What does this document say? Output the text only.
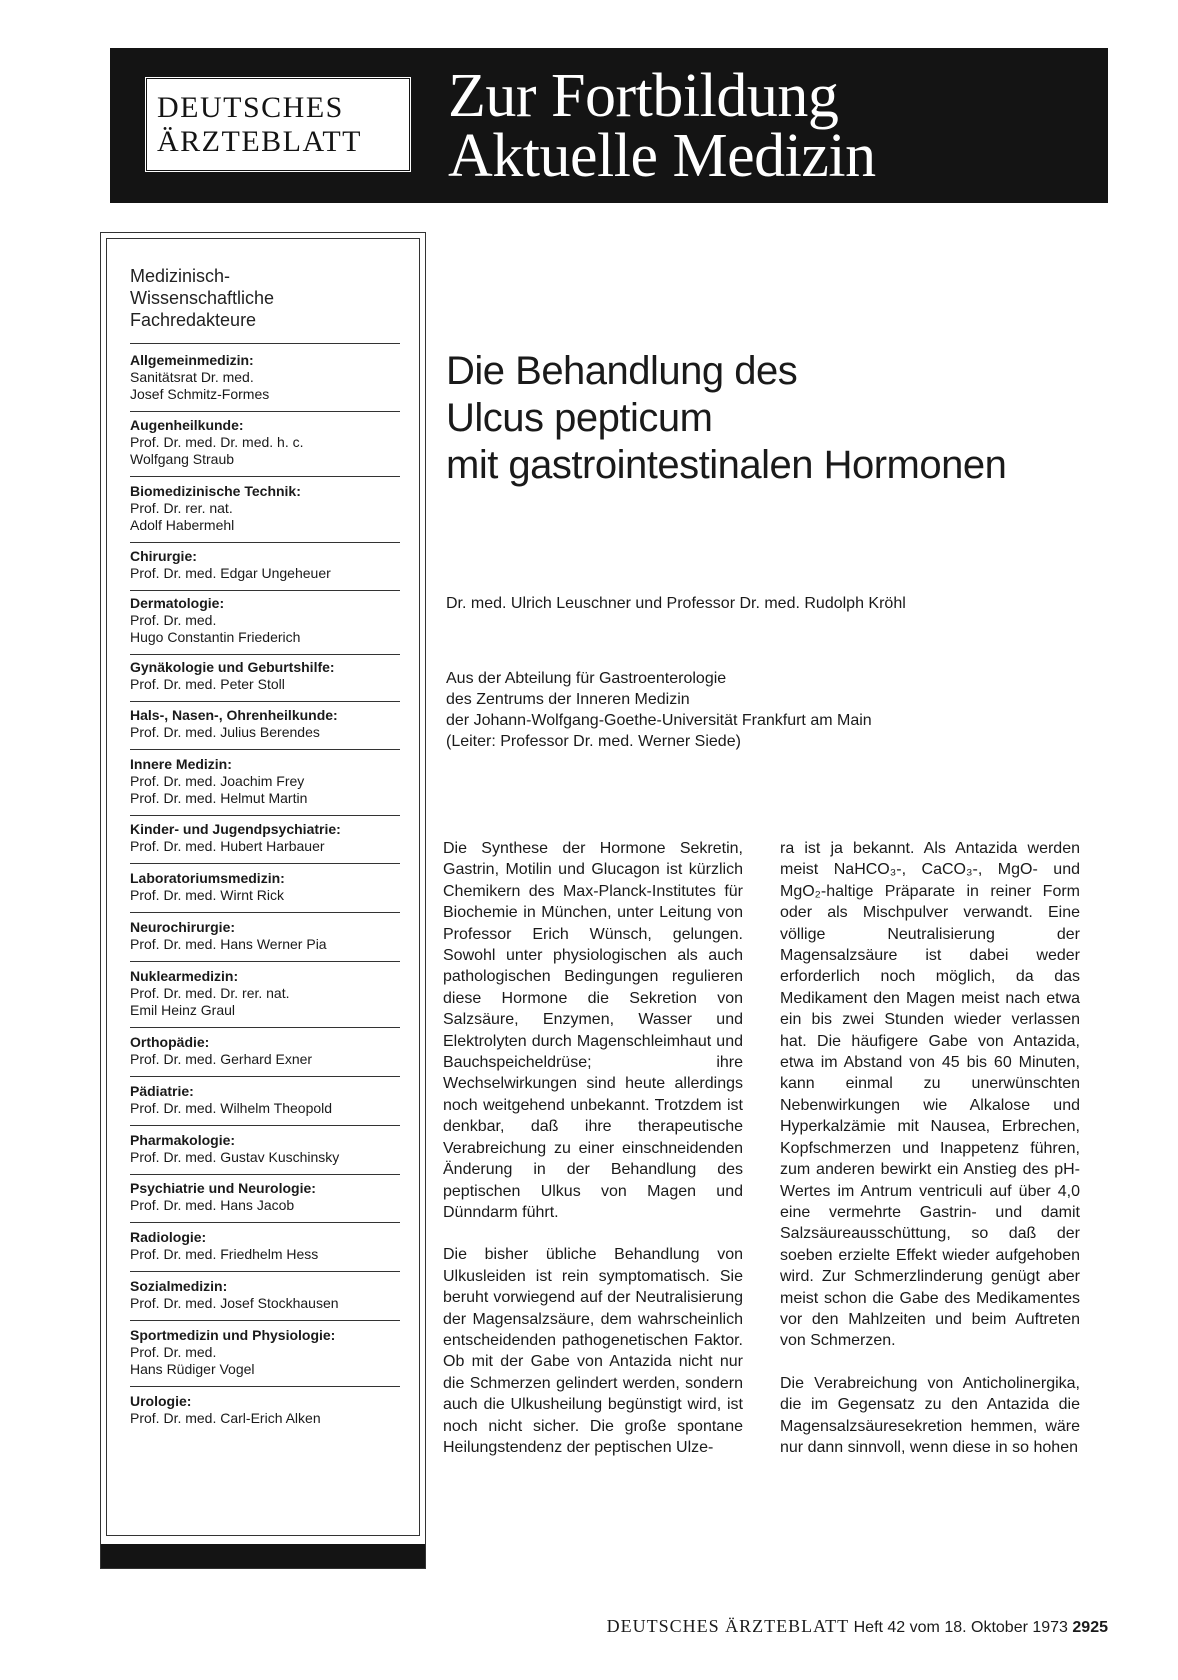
DEUTSCHES
ÄRZTEBLATT
Zur Fortbildung
Aktuelle Medizin
Medizinisch-
Wissenschaftliche
Fachredakteure
Allgemeinmedizin:
Sanitätsrat Dr. med.
Josef Schmitz-Formes
Augenheilkunde:
Prof. Dr. med. Dr. med. h. c.
Wolfgang Straub
Biomedizinische Technik:
Prof. Dr. rer. nat.
Adolf Habermehl
Chirurgie:
Prof. Dr. med. Edgar Ungeheuer
Dermatologie:
Prof. Dr. med.
Hugo Constantin Friederich
Gynäkologie und Geburtshilfe:
Prof. Dr. med. Peter Stoll
Hals-, Nasen-, Ohrenheilkunde:
Prof. Dr. med. Julius Berendes
Innere Medizin:
Prof. Dr. med. Joachim Frey
Prof. Dr. med. Helmut Martin
Kinder- und Jugendpsychiatrie:
Prof. Dr. med. Hubert Harbauer
Laboratoriumsmedizin:
Prof. Dr. med. Wirnt Rick
Neurochirurgie:
Prof. Dr. med. Hans Werner Pia
Nuklearmedizin:
Prof. Dr. med. Dr. rer. nat.
Emil Heinz Graul
Orthopädie:
Prof. Dr. med. Gerhard Exner
Pädiatrie:
Prof. Dr. med. Wilhelm Theopold
Pharmakologie:
Prof. Dr. med. Gustav Kuschinsky
Psychiatrie und Neurologie:
Prof. Dr. med. Hans Jacob
Radiologie:
Prof. Dr. med. Friedhelm Hess
Sozialmedizin:
Prof. Dr. med. Josef Stockhausen
Sportmedizin und Physiologie:
Prof. Dr. med.
Hans Rüdiger Vogel
Urologie:
Prof. Dr. med. Carl-Erich Alken
Die Behandlung des
Ulcus pepticum
mit gastrointestinalen Hormonen
Dr. med. Ulrich Leuschner und Professor Dr. med. Rudolph Kröhl
Aus der Abteilung für Gastroenterologie
des Zentrums der Inneren Medizin
der Johann-Wolfgang-Goethe-Universität Frankfurt am Main
(Leiter: Professor Dr. med. Werner Siede)

Die Synthese der Hormone Sekretin, Gastrin, Motilin und Glucagon ist kürzlich Chemikern des Max-Planck-Institutes für Biochemie in München, unter Leitung von Professor Erich Wünsch, gelungen. Sowohl unter physiologischen als auch pathologischen Bedingungen regulieren diese Hormone die Sekretion von Salzsäure, Enzymen, Wasser und Elektrolyten durch Magenschleimhaut und Bauchspeicheldrüse; ihre Wechselwirkungen sind heute allerdings noch weitgehend unbekannt. Trotzdem ist denkbar, daß ihre therapeutische Verabreichung zu einer einschneidenden Änderung in der Behandlung des peptischen Ulkus von Magen und Dünndarm führt.

Die bisher übliche Behandlung von Ulkusleiden ist rein symptomatisch. Sie beruht vorwiegend auf der Neutralisierung der Magensalzsäure, dem wahrscheinlich entscheidenden pathogenetischen Faktor. Ob mit der Gabe von Antazida nicht nur die Schmerzen gelindert werden, sondern auch die Ulkusheilung begünstigt wird, ist noch nicht sicher. Die große spontane Heilungstendenz der peptischen Ulze-

ra ist ja bekannt. Als Antazida werden meist NaHCO₃-, CaCO₃-, MgO- und MgO₂-haltige Präparate in reiner Form oder als Mischpulver verwandt. Eine völlige Neutralisierung der Magensalzsäure ist dabei weder erforderlich noch möglich, da das Medikament den Magen meist nach etwa ein bis zwei Stunden wieder verlassen hat. Die häufigere Gabe von Antazida, etwa im Abstand von 45 bis 60 Minuten, kann einmal zu unerwünschten Nebenwirkungen wie Alkalose und Hyperkalzämie mit Nausea, Erbrechen, Kopfschmerzen und Inappetenz führen, zum anderen bewirkt ein Anstieg des pH-Wertes im Antrum ventriculi auf über 4,0 eine vermehrte Gastrin- und damit Salzsäureausschüttung, so daß der soeben erzielte Effekt wieder aufgehoben wird. Zur Schmerzlinderung genügt aber meist schon die Gabe des Medikamentes vor den Mahlzeiten und beim Auftreten von Schmerzen.

Die Verabreichung von Anticholinergika, die im Gegensatz zu den Antazida die Magensalzsäuresekretion hemmen, wäre nur dann sinnvoll, wenn diese in so hohen

DEUTSCHES ÄRZTEBLATT Heft 42 vom 18. Oktober 1973 2925
